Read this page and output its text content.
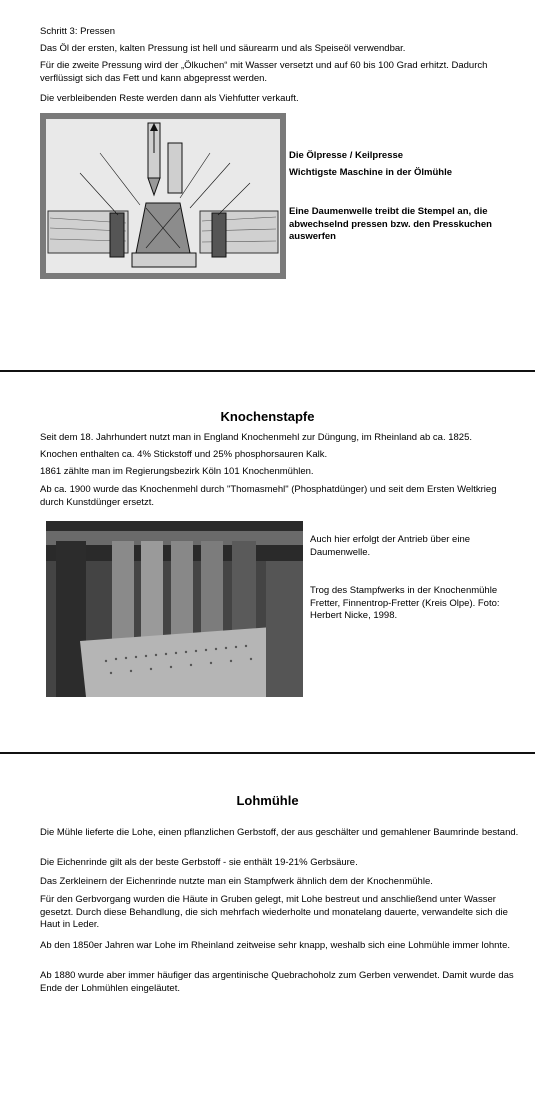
Schritt 3: Pressen
Das Öl der ersten, kalten Pressung ist hell und säurearm und als Speiseöl verwendbar.
Für die zweite Pressung wird der „Ölkuchen“ mit Wasser versetzt und auf 60 bis 100 Grad erhitzt. Dadurch verflüssigt sich das Fett und kann abgepresst werden.
Die verbleibenden Reste werden dann als Viehfutter verkauft.
Die Ölpresse / Keilpresse
Wichtigste Maschine in der Ölmühle
Eine Daumenwelle treibt die Stempel an, die abwechselnd pressen bzw. den Presskuchen auswerfen
Knochenstapfe
Seit dem 18. Jahrhundert nutzt man in England Knochenmehl zur Düngung, im Rheinland ab ca. 1825.
Knochen enthalten ca. 4% Stickstoff und 25% phosphorsauren Kalk.
1861 zählte man im Regierungsbezirk Köln 101 Knochenmühlen.
Ab ca. 1900 wurde das Knochenmehl durch "Thomasmehl" (Phosphatdünger) und seit dem Ersten Weltkrieg durch Kunstdünger ersetzt.
Auch hier erfolgt der Antrieb über eine Daumenwelle.
Trog des Stampfwerks in der Knochenmühle Fretter, Finnentrop-Fretter (Kreis Olpe). Foto: Herbert Nicke, 1998.
Lohmühle
Die Mühle lieferte die Lohe, einen pflanzlichen Gerbstoff, der aus geschälter und gemahlener Baumrinde bestand.
Die Eichenrinde gilt als der beste Gerbstoff - sie enthält 19-21% Gerbsäure.
Das Zerkleinern der Eichenrinde nutzte man ein Stampfwerk ähnlich dem der Knochenmühle.
Für den Gerbvorgang wurden die Häute in Gruben gelegt, mit Lohe bestreut und anschließend unter Wasser gesetzt. Durch diese Behandlung, die sich mehrfach wiederholte und monatelang dauerte, verwandelte sich die Haut in Leder.
Ab den 1850er Jahren war Lohe im Rheinland zeitweise sehr knapp, weshalb sich eine Lohmühle immer lohnte.
Ab 1880 wurde aber immer häufiger das argentinische Quebrachoholz zum Gerben verwendet. Damit wurde das Ende der Lohmühlen eingeläutet.
